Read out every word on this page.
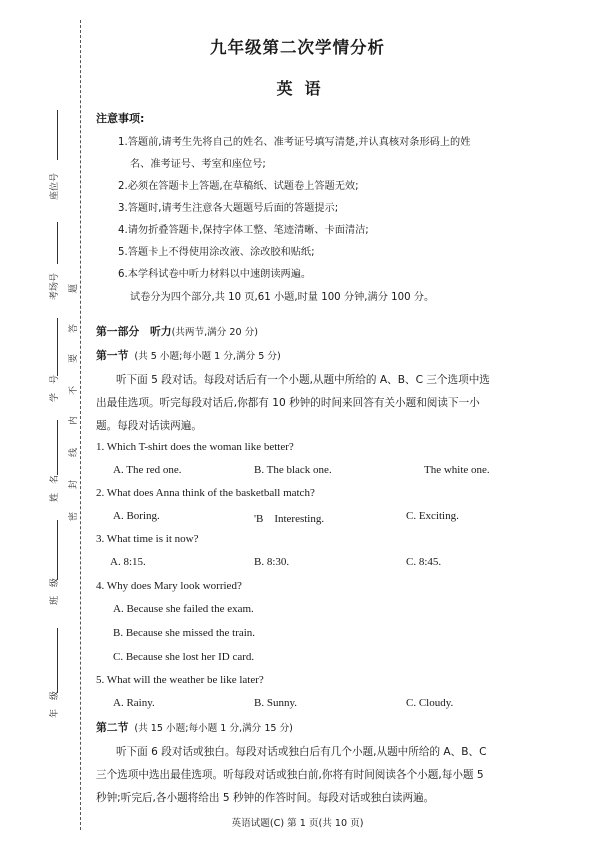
座位号
考场号
学　号
姓　名
班　级
年　级
题
答
要
不
内
线
封
密
九年级第二次学情分析
英语
注意事项:
1.答题前,请考生先将自己的姓名、准考证号填写清楚,并认真核对条形码上的姓
名、准考证号、考室和座位号;
2.必须在答题卡上答题,在草稿纸、试题卷上答题无效;
3.答题时,请考生注意各大题题号后面的答题提示;
4.请勿折叠答题卡,保持字体工整、笔迹清晰、卡面清洁;
5.答题卡上不得使用涂改液、涂改胶和贴纸;
6.本学科试卷中听力材料以中速朗读两遍。
试卷分为四个部分,共 10 页,61 小题,时量 100 分钟,满分 100 分。
第一部分　听力(共两节,满分 20 分)
第一节 (共 5 小题;每小题 1 分,满分 5 分)
听下面 5 段对话。每段对话后有一个小题,从题中所给的 A、B、C 三个选项中选
出最佳选项。听完每段对话后,你都有 10 秒钟的时间来回答有关小题和阅读下一小
题。每段对话读两遍。
1. Which T-shirt does the woman like better?
A. The red one.	B. The black one.	The white one.
2. What does Anna think of the basketball match?
A. Boring.	'B　Interesting.	C. Exciting.
3. What time is it now?
A. 8:15.	B. 8:30.	C. 8:45.
4. Why does Mary look worried?
A. Because she failed the exam.
B. Because she missed the train.
C. Because she lost her ID card.
5. What will the weather be like later?
A. Rainy.	B. Sunny.	C. Cloudy.
第二节 (共 15 小题;每小题 1 分,满分 15 分)
听下面 6 段对话或独白。每段对话或独白后有几个小题,从题中所给的 A、B、C
三个选项中选出最佳选项。听每段对话或独白前,你将有时间阅读各个小题,每小题 5
秒钟;听完后,各小题将给出 5 秒钟的作答时间。每段对话或独白读两遍。
英语试题(C) 第 1 页(共 10 页)
